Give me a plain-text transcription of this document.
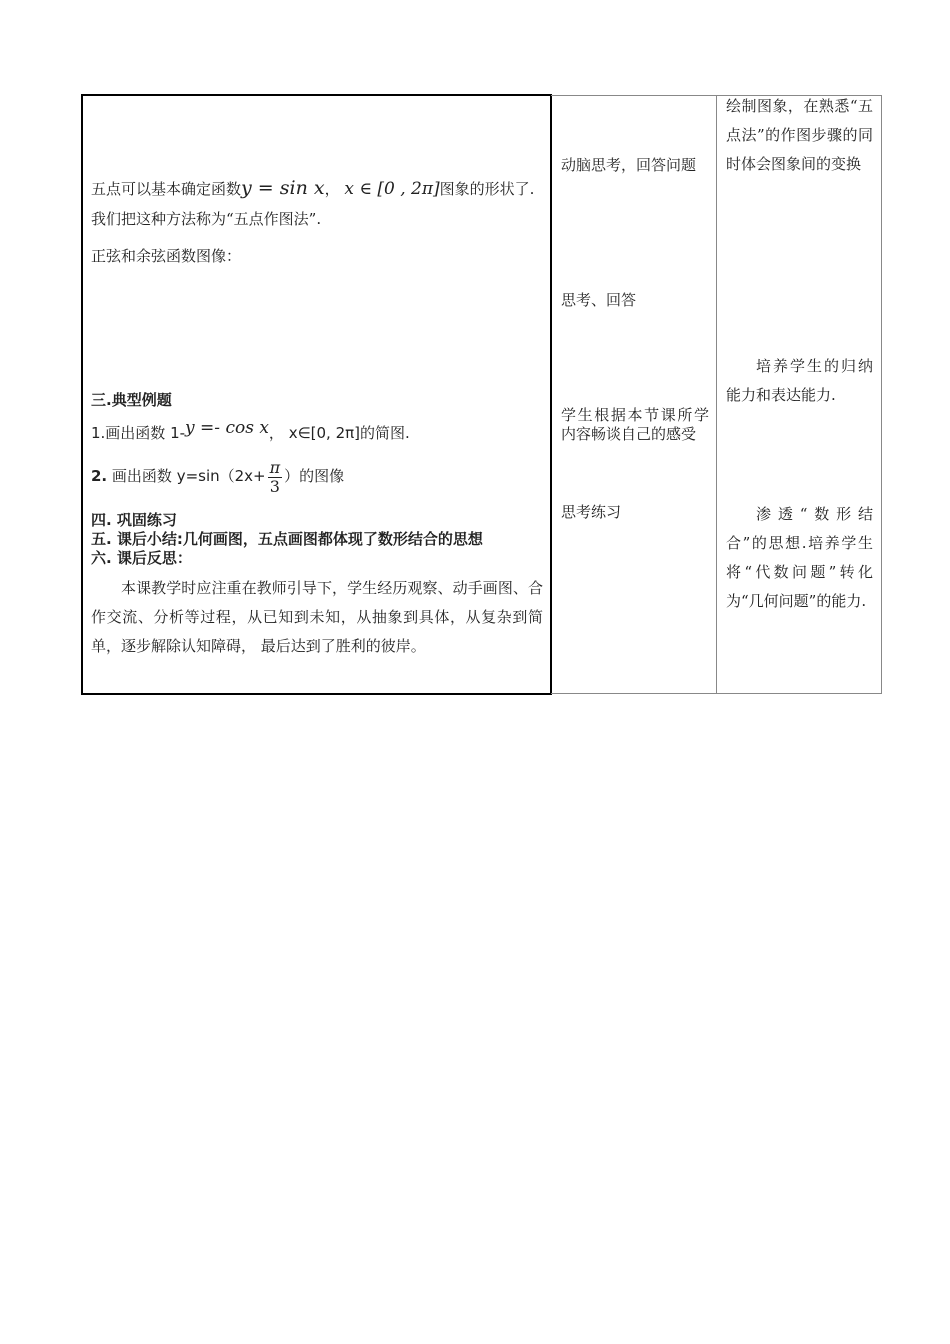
五点可以基本确定函数y = sin x， x ∈ [0 , 2π]图象的形状了.
我们把这种方法称为“五点作图法”.
正弦和余弦函数图像：
三.典型例题
1.画出函数 1-y =- cos x， x∈[0, 2π]的简图.
2. 画出函数 $y=\sin(2x+ \frac{\pi}{3}$ ）的图像
四. 巩固练习
五. 课后小结:几何画图，五点画图都体现了数形结合的思想
六. 课后反思：

本课教学时应注重在教师引导下，学生经历观察、动手画图、合作交流、分析等过程，从已知到未知，从抽象到具体，从复杂到简单，逐步解除认知障碍， 最后达到了胜利的彼岸。

动脑思考，回答问题
思考、回答
学生根据本节课所学内容畅谈自己的感受
思考练习
绘制图象，在熟悉“五点法”的作图步骤的同时体会图象间的变换
培养学生的归纳能力和表达能力.
渗透“数形结合”的思想.培养学生将“代数问题”转化为“几何问题”的能力.
